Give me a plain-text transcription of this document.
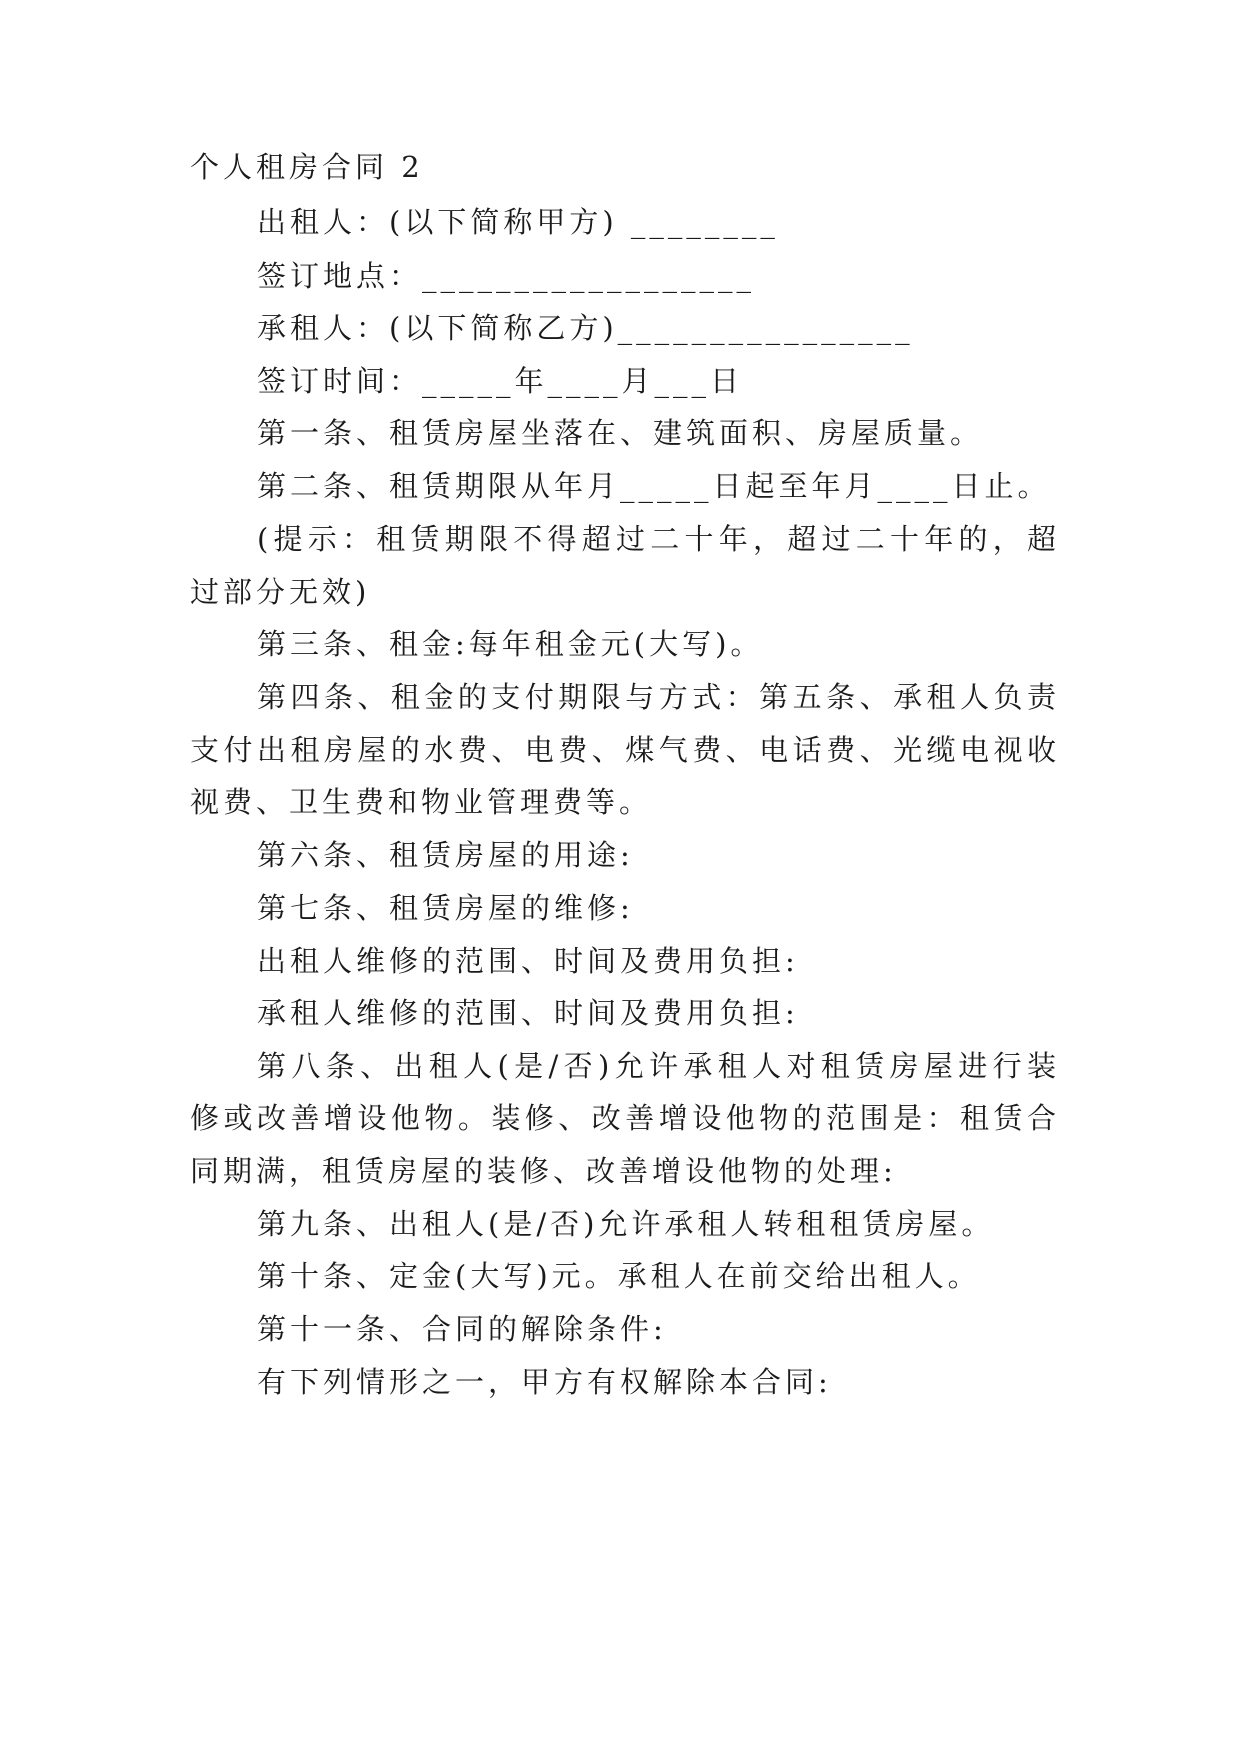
个人租房合同 2
出租人：(以下简称甲方) ________
签订地点：__________________
承租人：(以下简称乙方)________________
签订时间：_____年____月___日
第一条、租赁房屋坐落在、建筑面积、房屋质量。
第二条、租赁期限从年月_____日起至年月____日止。
(提示：租赁期限不得超过二十年，超过二十年的，超
过部分无效)
第三条、租金:每年租金元(大写)。
第四条、租金的支付期限与方式：第五条、承租人负责
支付出租房屋的水费、电费、煤气费、电话费、光缆电视收
视费、卫生费和物业管理费等。
第六条、租赁房屋的用途:
第七条、租赁房屋的维修:
出租人维修的范围、时间及费用负担:
承租人维修的范围、时间及费用负担:
第八条、出租人(是/否)允许承租人对租赁房屋进行装
修或改善增设他物。装修、改善增设他物的范围是：租赁合
同期满，租赁房屋的装修、改善增设他物的处理:
第九条、出租人(是/否)允许承租人转租租赁房屋。
第十条、定金(大写)元。承租人在前交给出租人。
第十一条、合同的解除条件:
有下列情形之一，甲方有权解除本合同:
